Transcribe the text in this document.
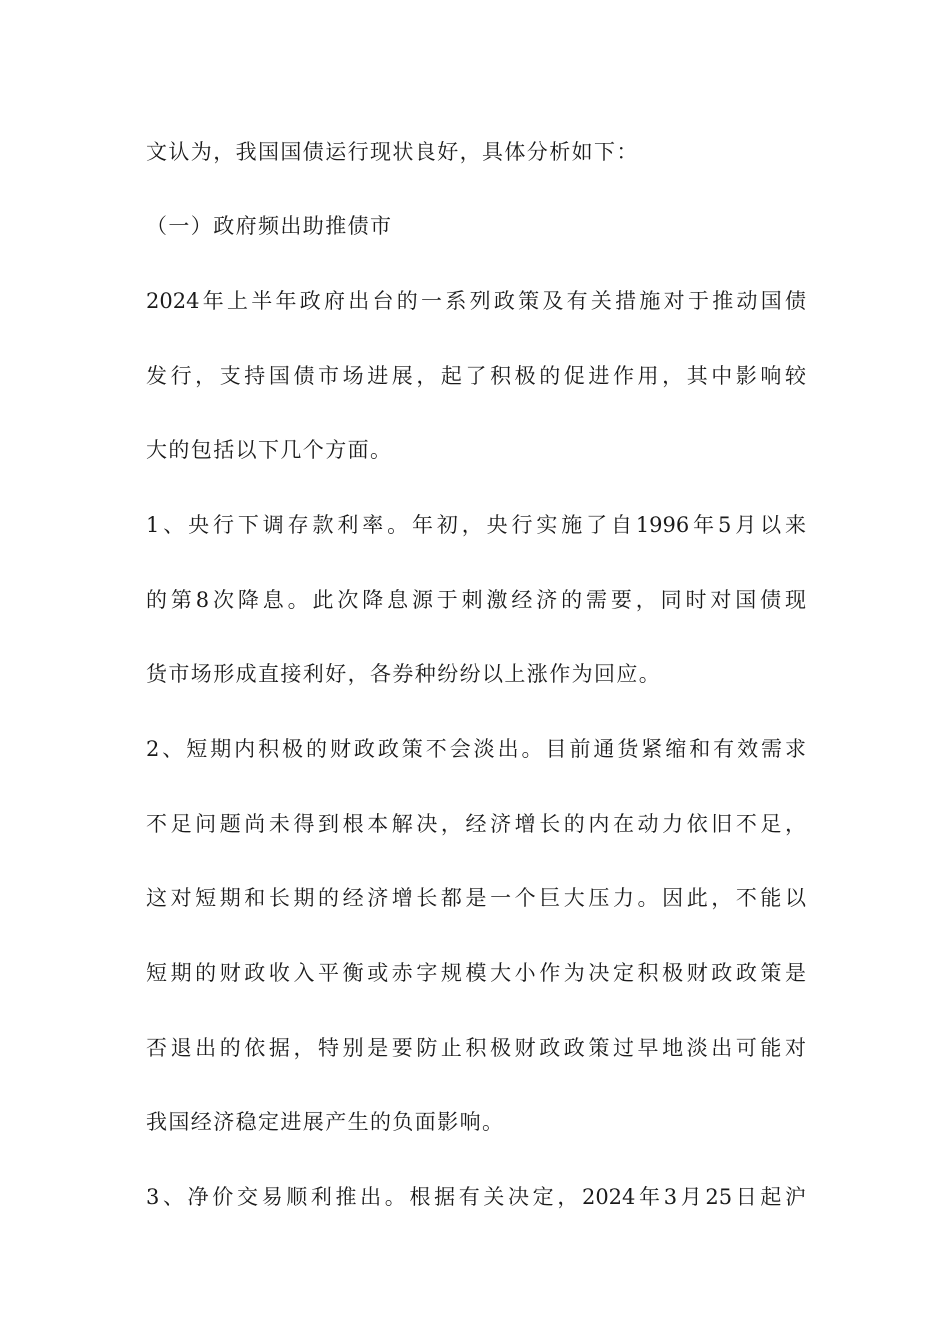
文认为，我国国债运行现状良好，具体分析如下：

（一）政府频出助推债市

2024年上半年政府出台的一系列政策及有关措施对于推动国债

发行，支持国债市场进展，起了积极的促进作用，其中影响较

大的包括以下几个方面。

1、央行下调存款利率。年初，央行实施了自1996年5月以来

的第8次降息。此次降息源于刺激经济的需要，同时对国债现

货市场形成直接利好，各券种纷纷以上涨作为回应。

2、短期内积极的财政政策不会淡出。目前通货紧缩和有效需求

不足问题尚未得到根本解决，经济增长的内在动力依旧不足，

这对短期和长期的经济增长都是一个巨大压力。因此，不能以

短期的财政收入平衡或赤字规模大小作为决定积极财政政策是

否退出的依据，特别是要防止积极财政政策过早地淡出可能对

我国经济稳定进展产生的负面影响。

3、净价交易顺利推出。根据有关决定，2024年3月25日起沪
